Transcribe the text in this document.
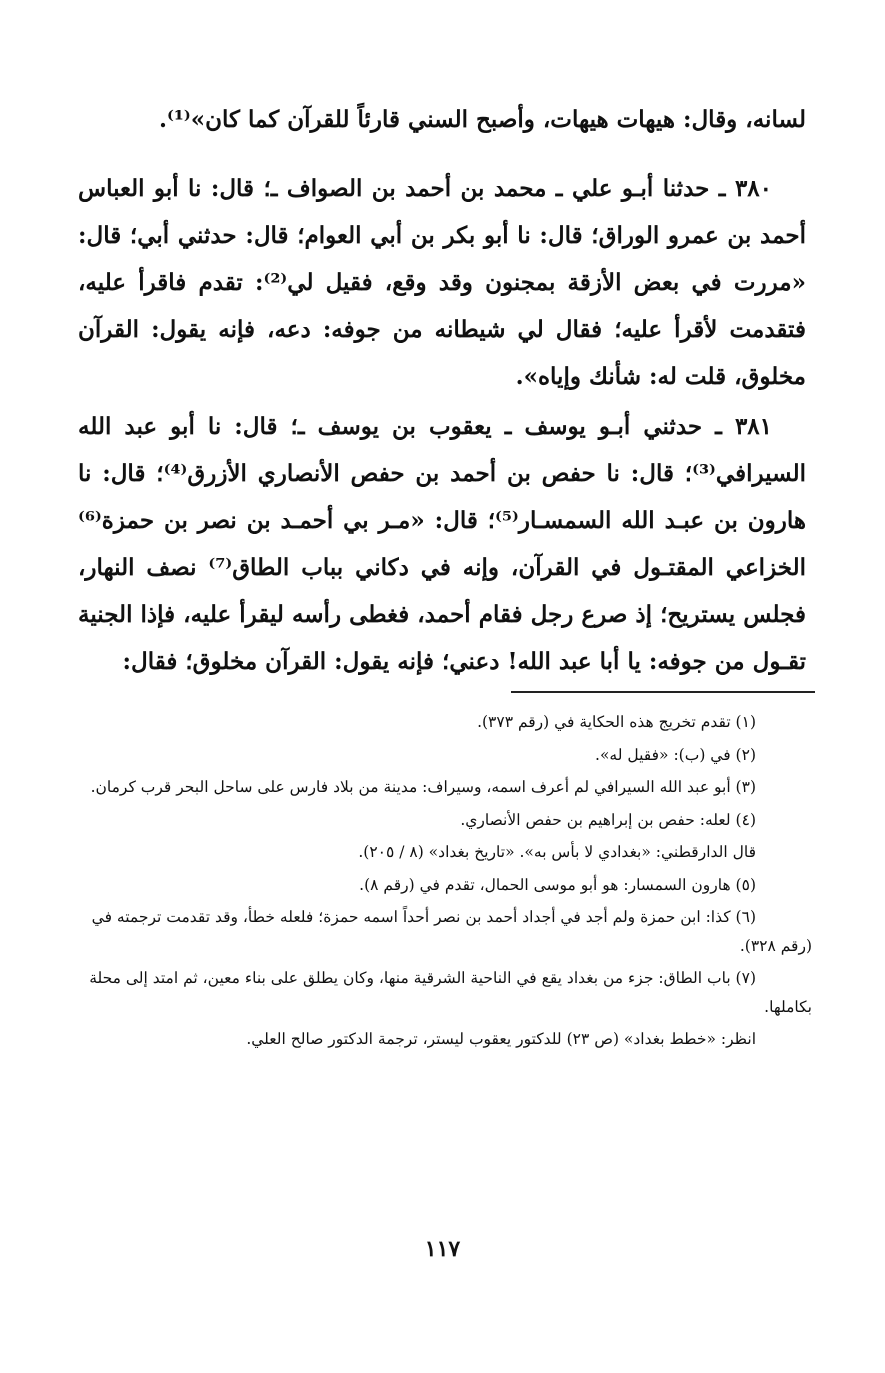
لسانه، وقال: هيهات هيهات، وأصبح السني قارئاً للقرآن كما كان»⁽¹⁾.

٣٨٠ ـ حدثنا أبـو علي ـ محمد بن أحمد بن الصواف ـ؛ قال: نا أبو العباس أحمد بن عمرو الوراق؛ قال: نا أبو بكر بن أبي العوام؛ قال: حدثني أبي؛ قال: «مررت في بعض الأزقة بمجنون وقد وقع، فقيل لي⁽²⁾: تقدم فاقرأ عليه، فتقدمت لأقرأ عليه؛ فقال لي شيطانه من جوفه: دعه، فإنه يقول: القرآن مخلوق، قلت له: شأنك وإياه».

٣٨١ ـ حدثني أبـو يوسف ـ يعقوب بن يوسف ـ؛ قال: نا أبو عبد الله السيرافي⁽³⁾؛ قال: نا حفص بن أحمد بن حفص الأنصاري الأزرق⁽⁴⁾؛ قال: نا هارون بن عبـد الله السمسـار⁽⁵⁾؛ قال: «مـر بي أحمـد بن نصر بن حمزة⁽⁶⁾ الخزاعي المقتـول في القرآن، وإنه في دكاني بباب الطاق⁽⁷⁾ نصف النهار، فجلس يستريح؛ إذ صرع رجل فقام أحمد، فغطى رأسه ليقرأ عليه، فإذا الجنية تقـول من جوفه: يا أبا عبد الله! دعني؛ فإنه يقول: القرآن مخلوق؛ فقال:

(١) تقدم تخريج هذه الحكاية في (رقم ٣٧٣).

(٢) في (ب): «فقيل له».

(٣) أبو عبد الله السيرافي لم أعرف اسمه، وسيراف: مدينة من بلاد فارس على ساحل البحر قرب كرمان.

(٤) لعله: حفص بن إبراهيم بن حفص الأنصاري.

قال الدارقطني: «بغدادي لا بأس به». «تاريخ بغداد» (٨ / ٢٠٥).

(٥) هارون السمسار: هو أبو موسى الحمال، تقدم في (رقم ٨).

(٦) كذا: ابن حمزة ولم أجد في أجداد أحمد بن نصر أحداً اسمه حمزة؛ فلعله خطأ، وقد تقدمت ترجمته في (رقم ٣٢٨).

(٧) باب الطاق: جزء من بغداد يقع في الناحية الشرقية منها، وكان يطلق على بناء معين، ثم امتد إلى محلة بكاملها.

انظر: «خطط بغداد» (ص ٢٣) للدكتور يعقوب ليستر، ترجمة الدكتور صالح العلي.

١١٧
